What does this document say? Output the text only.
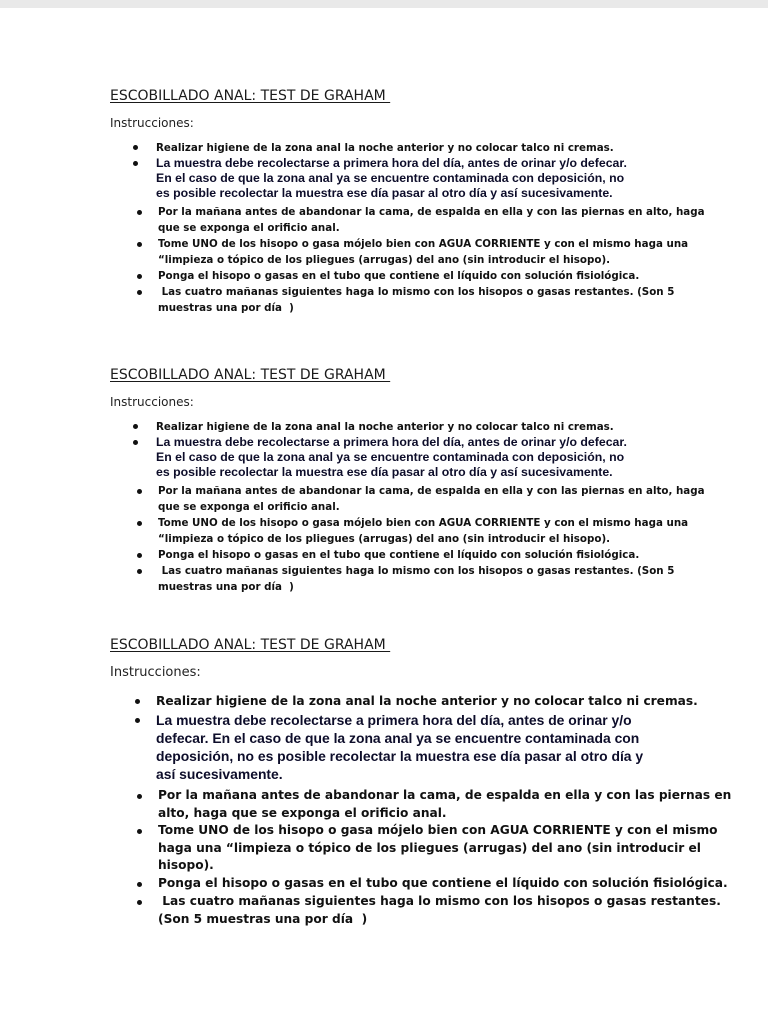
ESCOBILLADO ANAL: TEST DE GRAHAM

Instrucciones:

Realizar higiene de la zona anal la noche anterior y no colocar talco ni cremas.
La muestra debe recolectarse a primera hora del día, antes de orinar y/o defecar.
En el caso de que la zona anal ya se encuentre contaminada con deposición, no
es posible recolectar la muestra ese día pasar al otro día y así sucesivamente.
Por la mañana antes de abandonar la cama, de espalda en ella y con las piernas en alto, haga
que se exponga el orificio anal.
Tome UNO de los hisopo o gasa mójelo bien con AGUA CORRIENTE y con el mismo haga una
“limpieza o tópico de los pliegues (arrugas) del ano (sin introducir el hisopo).
Ponga el hisopo o gasas en el tubo que contiene el líquido con solución fisiológica.
Las cuatro mañanas siguientes haga lo mismo con los hisopos o gasas restantes. (Son 5
muestras una por día  )
ESCOBILLADO ANAL: TEST DE GRAHAM

Instrucciones:

Realizar higiene de la zona anal la noche anterior y no colocar talco ni cremas.
La muestra debe recolectarse a primera hora del día, antes de orinar y/o defecar.
En el caso de que la zona anal ya se encuentre contaminada con deposición, no
es posible recolectar la muestra ese día pasar al otro día y así sucesivamente.
Por la mañana antes de abandonar la cama, de espalda en ella y con las piernas en alto, haga
que se exponga el orificio anal.
Tome UNO de los hisopo o gasa mójelo bien con AGUA CORRIENTE y con el mismo haga una
“limpieza o tópico de los pliegues (arrugas) del ano (sin introducir el hisopo).
Ponga el hisopo o gasas en el tubo que contiene el líquido con solución fisiológica.
Las cuatro mañanas siguientes haga lo mismo con los hisopos o gasas restantes. (Son 5
muestras una por día  )
ESCOBILLADO ANAL: TEST DE GRAHAM

Instrucciones:

Realizar higiene de la zona anal la noche anterior y no colocar talco ni cremas.
La muestra debe recolectarse a primera hora del día, antes de orinar y/o
defecar. En el caso de que la zona anal ya se encuentre contaminada con
deposición, no es posible recolectar la muestra ese día pasar al otro día y
así sucesivamente.
Por la mañana antes de abandonar la cama, de espalda en ella y con las piernas en
alto, haga que se exponga el orificio anal.
Tome UNO de los hisopo o gasa mójelo bien con AGUA CORRIENTE y con el mismo
haga una “limpieza o tópico de los pliegues (arrugas) del ano (sin introducir el
hisopo).
Ponga el hisopo o gasas en el tubo que contiene el líquido con solución fisiológica.
Las cuatro mañanas siguientes haga lo mismo con los hisopos o gasas restantes.
(Son 5 muestras una por día  )
